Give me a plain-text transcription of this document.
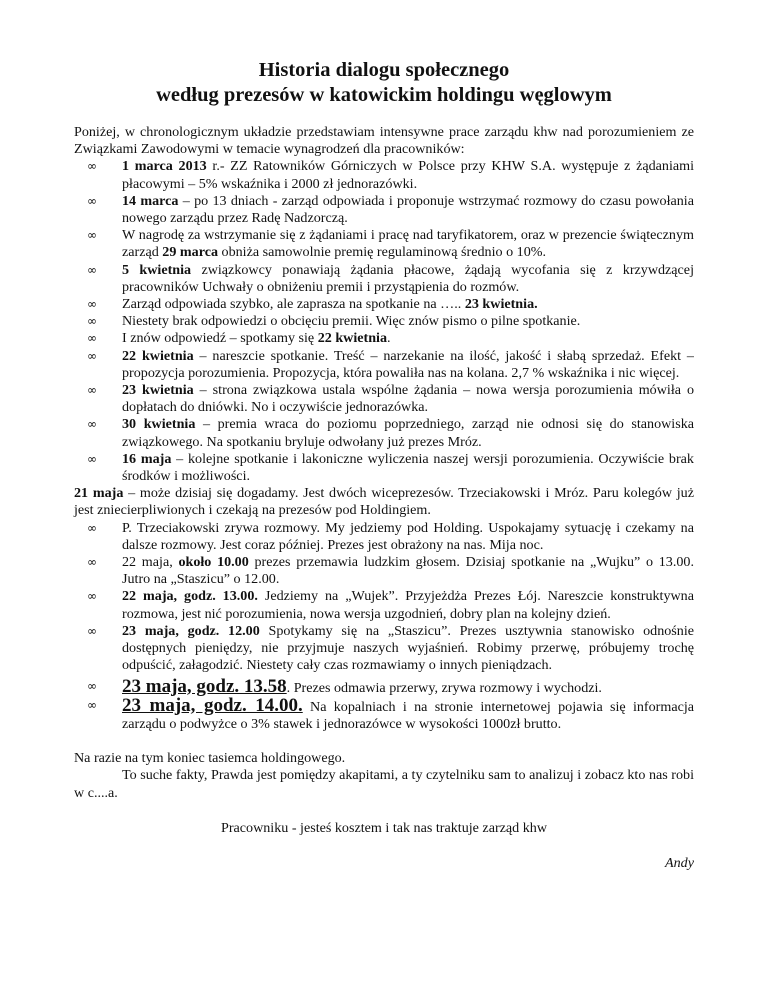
Historia dialogu społecznego
według prezesów w katowickim holdingu węglowym

Poniżej, w chronologicznym układzie przedstawiam intensywne prace zarządu khw nad porozumieniem ze Związkami Zawodowymi w temacie wynagrodzeń dla pracowników:

∞ 1 marca 2013 r.- ZZ Ratowników Górniczych w Polsce przy KHW S.A. występuje z żądaniami płacowymi – 5% wskaźnika i 2000 zł jednorazówki.
∞ 14 marca – po 13 dniach - zarząd odpowiada i proponuje wstrzymać rozmowy do czasu powołania nowego zarządu przez Radę Nadzorczą.
∞ W nagrodę za wstrzymanie się z żądaniami i pracę nad taryfikatorem, oraz w prezencie świątecznym zarząd 29 marca obniża samowolnie premię regulaminową średnio o 10%.
∞ 5 kwietnia związkowcy ponawiają żądania płacowe, żądają wycofania się z krzywdzącej pracowników Uchwały o obniżeniu premii i przystąpienia do rozmów.
∞ Zarząd odpowiada szybko, ale zaprasza na spotkanie na ….. 23 kwietnia.
∞ Niestety brak odpowiedzi o obcięciu premii. Więc znów pismo o pilne spotkanie.
∞ I znów odpowiedź – spotkamy się 22 kwietnia.
∞ 22 kwietnia – nareszcie spotkanie. Treść – narzekanie na ilość, jakość i słabą sprzedaż. Efekt – propozycja porozumienia. Propozycja, która powaliła nas na kolana. 2,7 % wskaźnika i nic więcej.
∞ 23 kwietnia – strona związkowa ustala wspólne żądania – nowa wersja porozumienia mówiła o dopłatach do dniówki. No i oczywiście jednorazówka.
∞ 30 kwietnia – premia wraca do poziomu poprzedniego, zarząd nie odnosi się do stanowiska związkowego. Na spotkaniu bryluje odwołany już prezes Mróz.
∞ 16 maja – kolejne spotkanie i lakoniczne wyliczenia naszej wersji porozumienia. Oczywiście brak środków i możliwości.

21 maja – może dzisiaj się dogadamy. Jest dwóch wiceprezesów. Trzeciakowski i Mróz. Paru kolegów już jest zniecierpliwionych i czekają na prezesów pod Holdingiem.

∞ P. Trzeciakowski zrywa rozmowy. My jedziemy pod Holding. Uspokajamy sytuację i czekamy na dalsze rozmowy. Jest coraz później. Prezes jest obrażony na nas. Mija noc.
∞ 22 maja, około 10.00 prezes przemawia ludzkim głosem. Dzisiaj spotkanie na „Wujku” o 13.00. Jutro na „Staszicu” o 12.00.
∞ 22 maja, godz. 13.00. Jedziemy na „Wujek”. Przyjeżdża Prezes Łój. Nareszcie konstruktywna rozmowa, jest nić porozumienia, nowa wersja uzgodnień, dobry plan na kolejny dzień.
∞ 23 maja, godz. 12.00 Spotykamy się na „Staszicu”. Prezes usztywnia stanowisko odnośnie dostępnych pieniędzy, nie przyjmuje naszych wyjaśnień. Robimy przerwę, próbujemy trochę odpuścić, załagodzić. Niestety cały czas rozmawiamy o innych pieniądzach.
∞ 23 maja, godz. 13.58. Prezes odmawia przerwy, zrywa rozmowy i wychodzi.
∞ 23 maja, godz. 14.00. Na kopalniach i na stronie internetowej pojawia się informacja zarządu o podwyżce o 3% stawek i jednorazówce w wysokości 1000zł brutto.

Na razie na tym koniec tasiemca holdingowego.

To suche fakty, Prawda jest pomiędzy akapitami, a ty czytelniku sam to analizuj i zobacz kto nas robi w c....a.

Pracowniku - jesteś kosztem i tak nas traktuje zarząd khw
Andy
